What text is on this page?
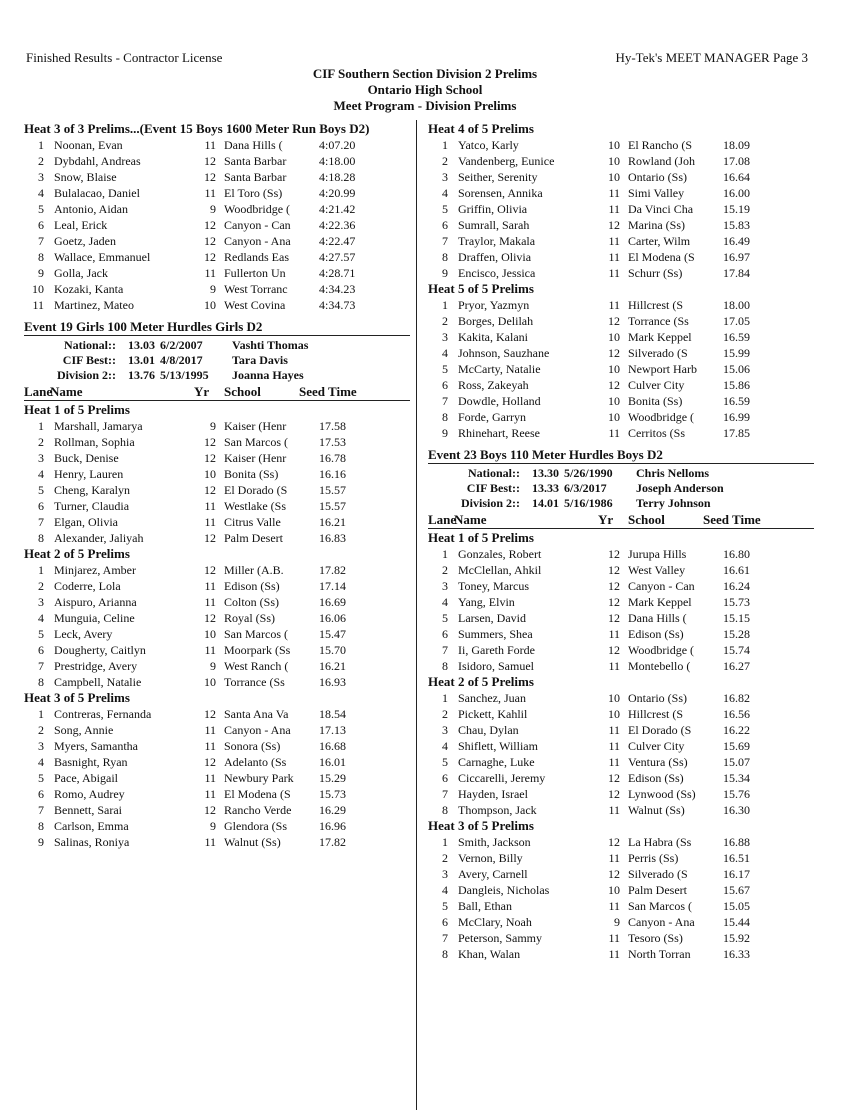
Finished Results - Contractor License	Hy-Tek's MEET MANAGER Page 3
CIF Southern Section Division 2 Prelims
Ontario High School
Meet Program - Division Prelims
Heat 3 of 3 Prelims...(Event 15 Boys 1600 Meter Run Boys D2)
1 Noonan, Evan	11 Dana Hills (	4:07.20
2 Dybdahl, Andreas	12 Santa Barbar	4:18.00
3 Snow, Blaise	12 Santa Barbar	4:18.28
4 Bulalacao, Daniel	11 El Toro (Ss)	4:20.99
5 Antonio, Aidan	9 Woodbridge (	4:21.42
6 Leal, Erick	12 Canyon - Can	4:22.36
7 Goetz, Jaden	12 Canyon - Ana	4:22.47
8 Wallace, Emmanuel	12 Redlands Eas	4:27.57
9 Golla, Jack	11 Fullerton Un	4:28.71
10 Kozaki, Kanta	9 West Torranc	4:34.23
11 Martinez, Mateo	10 West Covina	4:34.73
Event 19 Girls 100 Meter Hurdles Girls D2
National:: 13.03 6/2/2007 Vashti Thomas
CIF Best:: 13.01 4/8/2017 Tara Davis
Division 2:: 13.76 5/13/1995 Joanna Hayes
Lane
Name	Yr School	Seed Time
Heat 1 of 5 Prelims
1 Marshall, Jamarya	9 Kaiser (Henr	17.58
2 Rollman, Sophia	12 San Marcos (	17.53
3 Buck, Denise	12 Kaiser (Henr	16.78
4 Henry, Lauren	10 Bonita (Ss)	16.16
5 Cheng, Karalyn	12 El Dorado (S	15.57
6 Turner, Claudia	11 Westlake (Ss	15.57
7 Elgan, Olivia	11 Citrus Valle	16.21
8 Alexander, Jaliyah	12 Palm Desert	16.83
Heat 2 of 5 Prelims
1 Minjarez, Amber	12 Miller (A.B.	17.82
2 Coderre, Lola	11 Edison (Ss)	17.14
3 Aispuro, Arianna	11 Colton (Ss)	16.69
4 Munguia, Celine	12 Royal (Ss)	16.06
5 Leck, Avery	10 San Marcos (	15.47
6 Dougherty, Caitlyn	11 Moorpark (Ss	15.70
7 Prestridge, Avery	9 West Ranch (	16.21
8 Campbell, Natalie	10 Torrance (Ss	16.93
Heat 3 of 5 Prelims
1 Contreras, Fernanda	12 Santa Ana Va	18.54
2 Song, Annie	11 Canyon - Ana	17.13
3 Myers, Samantha	11 Sonora (Ss)	16.68
4 Basnight, Ryan	12 Adelanto (Ss	16.01
5 Pace, Abigail	11 Newbury Park	15.29
6 Romo, Audrey	11 El Modena (S	15.73
7 Bennett, Sarai	12 Rancho Verde	16.29
8 Carlson, Emma	9 Glendora (Ss	16.96
9 Salinas, Roniya	11 Walnut (Ss)	17.82
Heat 4 of 5 Prelims
1 Yatco, Karly	10 El Rancho (S	18.09
2 Vandenberg, Eunice	10 Rowland (Joh	17.08
3 Seither, Serenity	10 Ontario (Ss)	16.64
4 Sorensen, Annika	11 Simi Valley	16.00
5 Griffin, Olivia	11 Da Vinci Cha	15.19
6 Sumrall, Sarah	12 Marina (Ss)	15.83
7 Traylor, Makala	11 Carter, Wilm	16.49
8 Draffen, Olivia	11 El Modena (S	16.97
9 Encisco, Jessica	11 Schurr (Ss)	17.84
Heat 5 of 5 Prelims
1 Pryor, Yazmyn	11 Hillcrest (S	18.00
2 Borges, Delilah	12 Torrance (Ss	17.05
3 Kakita, Kalani	10 Mark Keppel	16.59
4 Johnson, Sauzhane	12 Silverado (S	15.99
5 McCarty, Natalie	10 Newport Harb	15.06
6 Ross, Zakeyah	12 Culver City	15.86
7 Dowdle, Holland	10 Bonita (Ss)	16.59
8 Forde, Garryn	10 Woodbridge (	16.99
9 Rhinehart, Reese	11 Cerritos (Ss	17.85
Event 23 Boys 110 Meter Hurdles Boys D2
National:: 13.30 5/26/1990 Chris Nelloms
CIF Best:: 13.33 6/3/2017 Joseph Anderson
Division 2:: 14.01 5/16/1986 Terry Johnson
Lane
Name	Yr School	Seed Time
Heat 1 of 5 Prelims
1 Gonzales, Robert	12 Jurupa Hills	16.80
2 McClellan, Ahkil	12 West Valley	16.61
3 Toney, Marcus	12 Canyon - Can	16.24
4 Yang, Elvin	12 Mark Keppel	15.73
5 Larsen, David	12 Dana Hills (	15.15
6 Summers, Shea	11 Edison (Ss)	15.28
7 Ii, Gareth Forde	12 Woodbridge (	15.74
8 Isidoro, Samuel	11 Montebello (	16.27
Heat 2 of 5 Prelims
1 Sanchez, Juan	10 Ontario (Ss)	16.82
2 Pickett, Kahlil	10 Hillcrest (S	16.56
3 Chau, Dylan	11 El Dorado (S	16.22
4 Shiflett, William	11 Culver City	15.69
5 Carnaghe, Luke	11 Ventura (Ss)	15.07
6 Ciccarelli, Jeremy	12 Edison (Ss)	15.34
7 Hayden, Israel	12 Lynwood (Ss)	15.76
8 Thompson, Jack	11 Walnut (Ss)	16.30
Heat 3 of 5 Prelims
1 Smith, Jackson	12 La Habra (Ss	16.88
2 Vernon, Billy	11 Perris (Ss)	16.51
3 Avery, Carnell	12 Silverado (S	16.17
4 Dangleis, Nicholas	10 Palm Desert	15.67
5 Ball, Ethan	11 San Marcos (	15.05
6 McClary, Noah	9 Canyon - Ana	15.44
7 Peterson, Sammy	11 Tesoro (Ss)	15.92
8 Khan, Walan	11 North Torran	16.33
